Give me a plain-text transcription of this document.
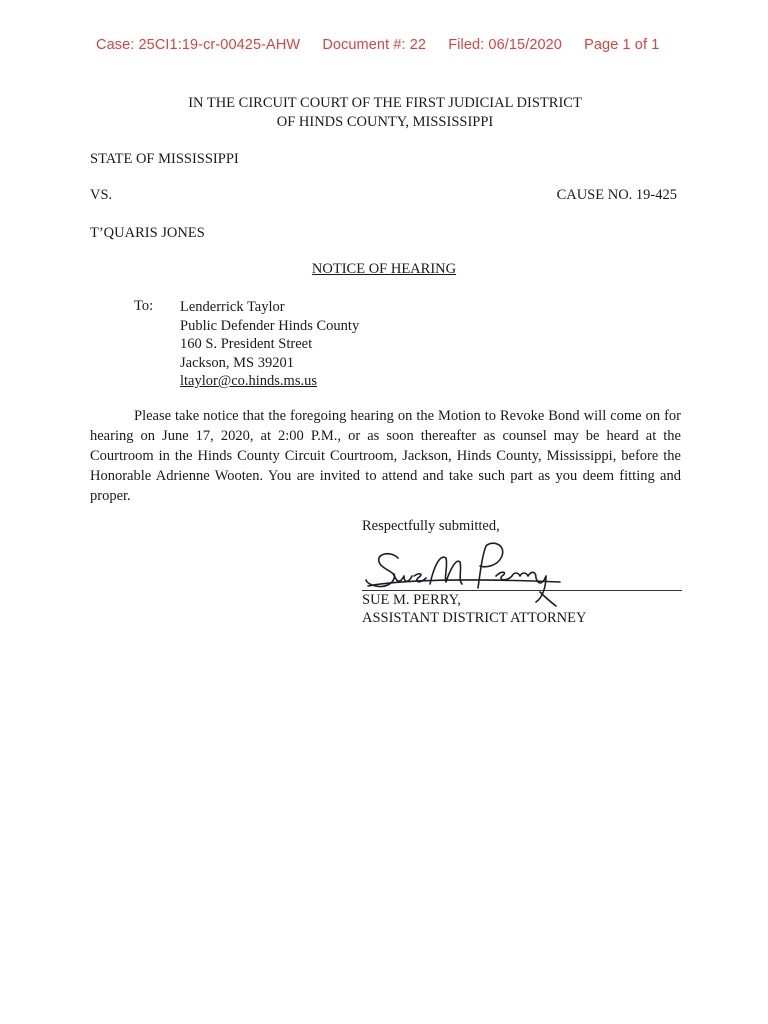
Case: 25CI1:19-cr-00425-AHW Document #: 22 Filed: 06/15/2020 Page 1 of 1
IN THE CIRCUIT COURT OF THE FIRST JUDICIAL DISTRICT
OF HINDS COUNTY, MISSISSIPPI
STATE OF MISSISSIPPI
VS.	CAUSE NO. 19-425
T’QUARIS JONES
NOTICE OF HEARING
To: Lenderrick Taylor
Public Defender Hinds County
160 S. President Street
Jackson, MS 39201
ltaylor@co.hinds.ms.us
Please take notice that the foregoing hearing on the Motion to Revoke Bond will come on for hearing on June 17, 2020, at 2:00 P.M., or as soon thereafter as counsel may be heard at the Courtroom in the Hinds County Circuit Courtroom, Jackson, Hinds County, Mississippi, before the Honorable Adrienne Wooten. You are invited to attend and take such part as you deem fitting and proper.
Respectfully submitted,
SUE M. PERRY,
ASSISTANT DISTRICT ATTORNEY
